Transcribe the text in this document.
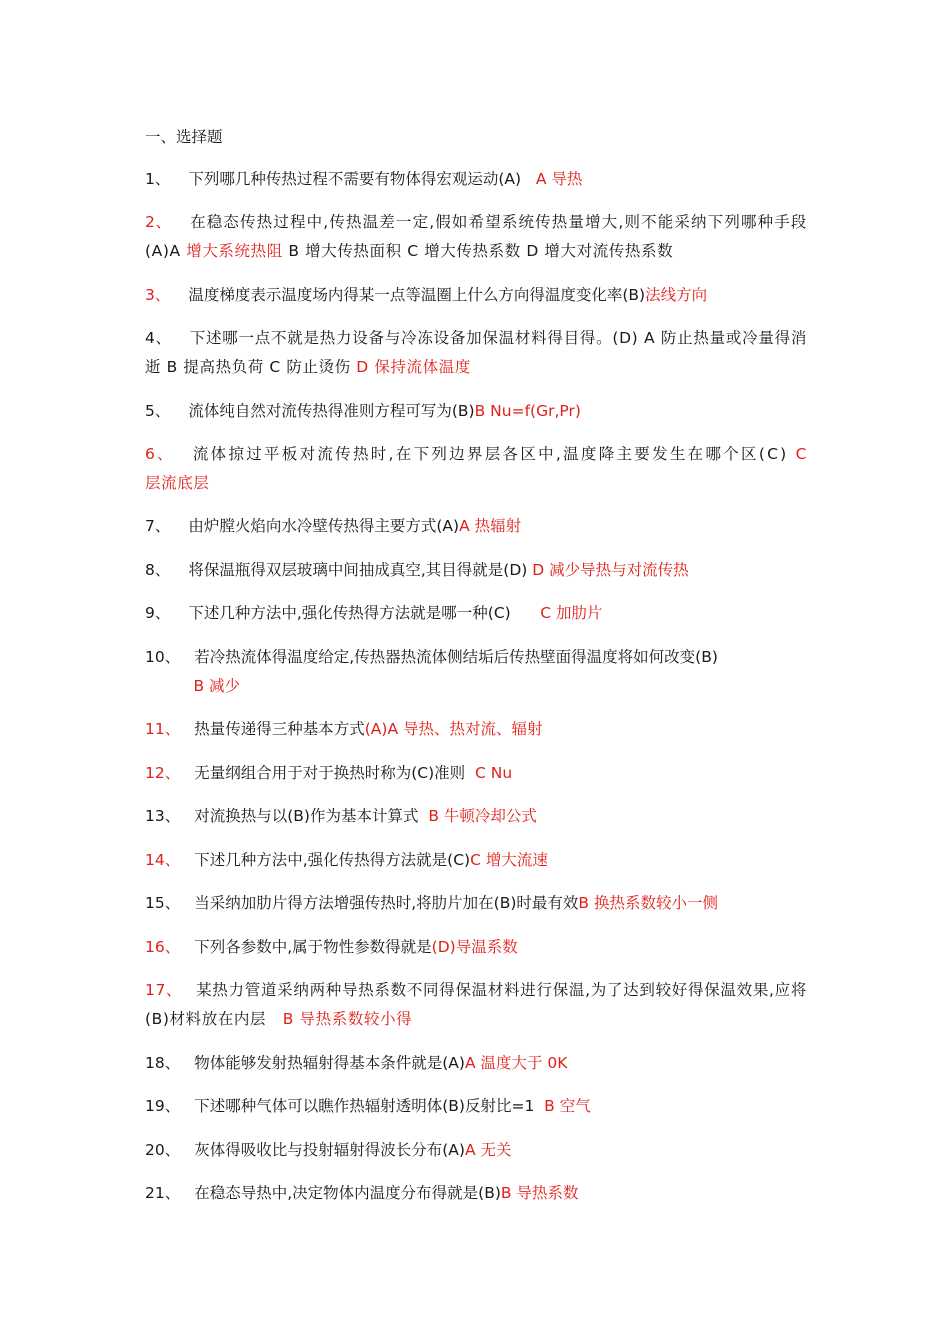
一、选择题
1、 下列哪几种传热过程不需要有物体得宏观运动(A) A 导热
2、 在稳态传热过程中,传热温差一定,假如希望系统传热量增大,则不能采纳下列哪种手段(A)A 增大系统热阻 B 增大传热面积 C 增大传热系数 D 增大对流传热系数
3、 温度梯度表示温度场内得某一点等温圈上什么方向得温度变化率(B)法线方向
4、 下述哪一点不就是热力设备与冷冻设备加保温材料得目得。(D) A 防止热量或冷量得消逝 B 提高热负荷 C 防止烫伤 D 保持流体温度
5、 流体纯自然对流传热得准则方程可写为(B)B Nu=f(Gr,Pr)
6、 流体掠过平板对流传热时,在下列边界层各区中,温度降主要发生在哪个区(C) C 层流底层
7、 由炉膛火焰向水冷壁传热得主要方式(A)A 热辐射
8、 将保温瓶得双层玻璃中间抽成真空,其目得就是(D) D 减少导热与对流传热
9、 下述几种方法中,强化传热得方法就是哪一种(C) C 加肋片
10、 若冷热流体得温度给定,传热器热流体侧结垢后传热壁面得温度将如何改变(B)B 减少
11、 热量传递得三种基本方式(A)A 导热、热对流、辐射
12、 无量纲组合用于对于换热时称为(C)准则 C Nu
13、 对流换热与以(B)作为基本计算式 B 牛顿冷却公式
14、 下述几种方法中,强化传热得方法就是(C)C 增大流速
15、 当采纳加肋片得方法增强传热时,将肋片加在(B)时最有效B 换热系数较小一侧
16、 下列各参数中,属于物性参数得就是(D)导温系数
17、 某热力管道采纳两种导热系数不同得保温材料进行保温,为了达到较好得保温效果,应将(B)材料放在内层 B 导热系数较小得
18、 物体能够发射热辐射得基本条件就是(A)A 温度大于 0K
19、 下述哪种气体可以瞧作热辐射透明体(B)反射比=1 B 空气
20、 灰体得吸收比与投射辐射得波长分布(A)A 无关
21、 在稳态导热中,决定物体内温度分布得就是(B)B 导热系数
